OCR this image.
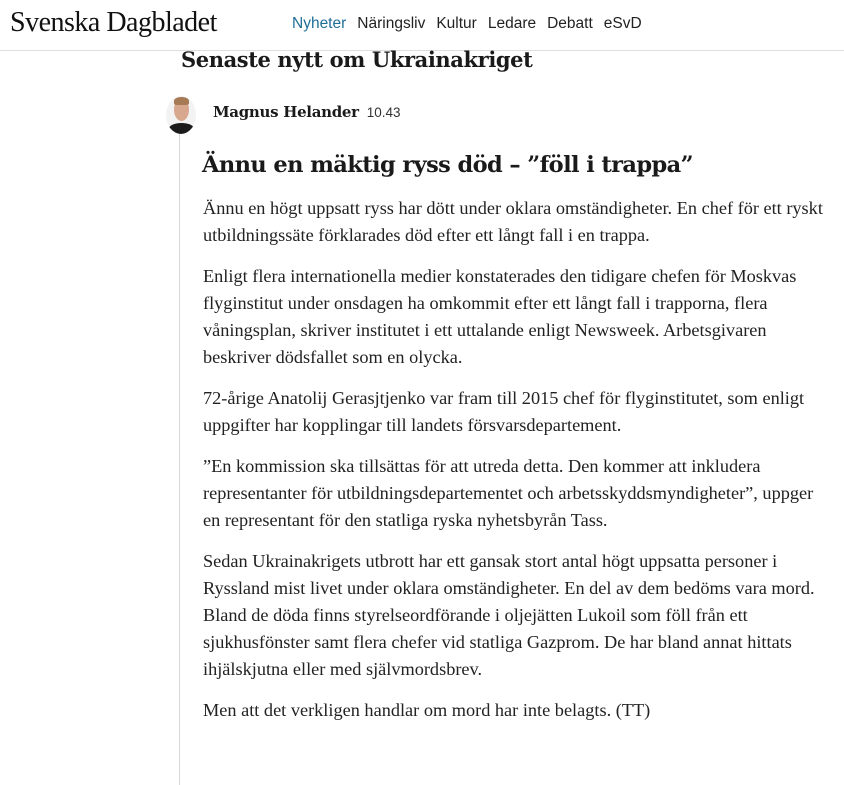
Svenska Dagbladet	Nyheter Näringsliv Kultur Ledare Debatt eSvD
Senaste nytt om Ukrainakriget
Magnus Helander 10.43
Ännu en mäktig ryss död – ”föll i trappa”

Ännu en högt uppsatt ryss har dött under oklara omständigheter. En chef för ett ryskt utbildningssäte förklarades död efter ett långt fall i en trappa.

Enligt flera internationella medier konstaterades den tidigare chefen för Moskvas flyginstitut under onsdagen ha omkommit efter ett långt fall i trapporna, flera våningsplan, skriver institutet i ett uttalande enligt Newsweek. Arbetsgivaren beskriver dödsfallet som en olycka.

72-årige Anatolij Gerasjtjenko var fram till 2015 chef för flyginstitutet, som enligt uppgifter har kopplingar till landets försvarsdepartement.

”En kommission ska tillsättas för att utreda detta. Den kommer att inkludera representanter för utbildningsdepartementet och arbetsskyddsmyndigheter”, uppger en representant för den statliga ryska nyhetsbyrån Tass.

Sedan Ukrainakrigets utbrott har ett gansak stort antal högt uppsatta personer i Ryssland mist livet under oklara omständigheter. En del av dem bedöms vara mord. Bland de döda finns styrelseordförande i oljejätten Lukoil som föll från ett sjukhusfönster samt flera chefer vid statliga Gazprom. De har bland annat hittats ihjälskjutna eller med självmordsbrev.

Men att det verkligen handlar om mord har inte belagts. (TT)
